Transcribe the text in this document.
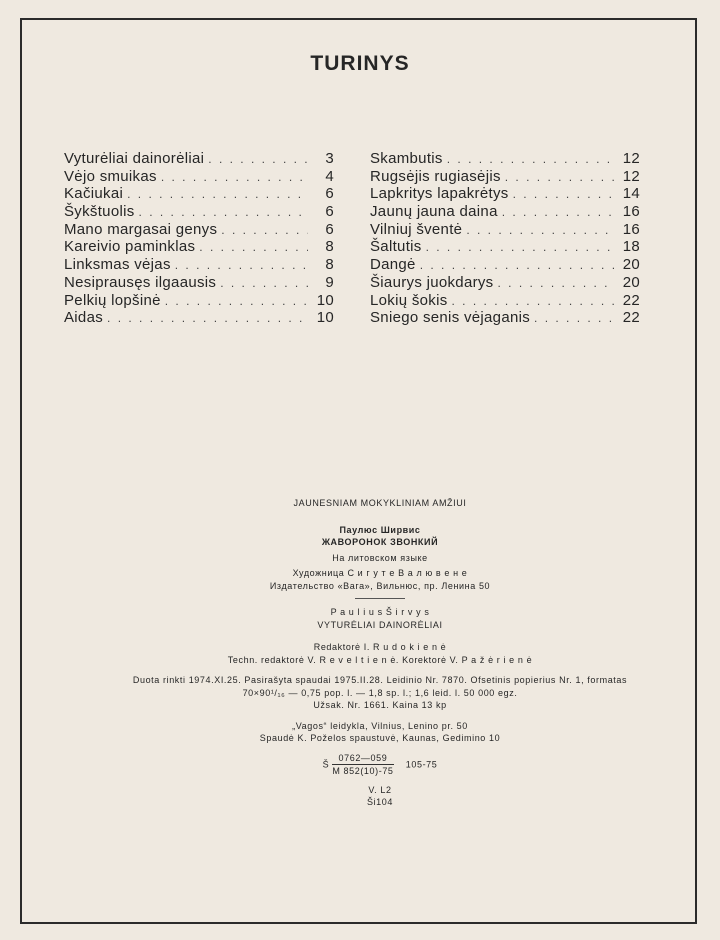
TURINYS
Vyturėliai dainorėliai . . .	3
Vėjo smuikas . . .	4
Kačiukai . . .	6
Šykštuolis . . .	6
Mano margasai genys . . .	6
Kareivio paminklas . . .	8
Linksmas vėjas . . .	8
Nesiprausęs ilgaausis . . .	9
Pelkių lopšinė . . .	10
Aidas . . .	10
Skambutis . . .	12
Rugsėjis rugiasėjis . . .	12
Lapkritys lapakrėtys . . .	14
Jaunų jauna daina . . .	16
Vilniuj šventė . . .	16
Šaltutis . . .	18
Dangė . . .	20
Šiaurys juokdarys . . .	20
Lokių šokis . . .	22
Sniego senis vėjaganis . . .	22
JAUNESNIAM MOKYKLINIAM AMŽIUI
Паулюс Ширвис
ЖАВОРОНОК ЗВОНКИЙ
На литовском языке
Художница С и г у т е В а л ю в е н е
Издательство «Вага», Вильнюс, пр. Ленина 50
P a u l i u s Š i r v y s
VYTURĖLIAI DAINORĖLIAI
Redaktorė I. R u d o k i e n ė
Techn. redaktorė V. R e v e l t i e n ė. Korektorė V. P a ž ė r i e n ė
Duota rinkti 1974.XI.25. Pasirašyta spaudai 1975.II.28. Leidinio Nr. 7870. Ofsetinis popierius Nr. 1, formatas
70×90¹/₁₆ — 0,75 pop. l. — 1,8 sp. l.; 1,6 leid. l. 50 000 egz.
Užsak. Nr. 1661. Kaina 13 kp
„Vagos“ leidykla, Vilnius, Lenino pr. 50
Spaudė K. Poželos spaustuvė, Kaunas, Gedimino 10
Š $\frac{0762—059}{M 852(10)-75} 105-75$
V. L2
Ši104
